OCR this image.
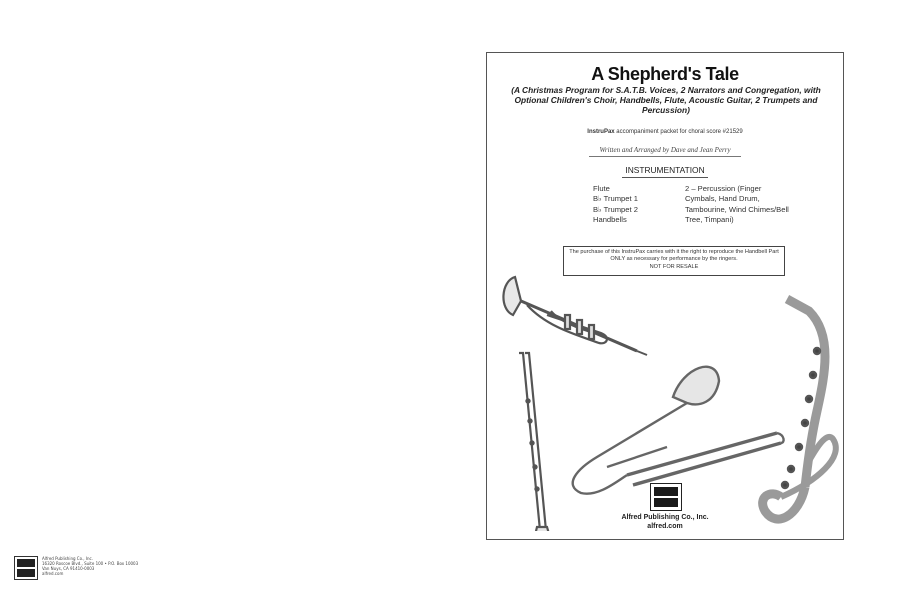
Alfred Publishing Co., Inc.
16320 Roscoe Blvd., Suite 100 • P.O. Box 10003
Van Nuys, CA 91410-0003
alfred.com
A Shepherd's Tale
(A Christmas Program for S.A.T.B. Voices, 2 Narrators and Congregation, with Optional Children's Choir, Handbells, Flute, Acoustic Guitar, 2 Trumpets and Percussion)
InstruPax accompaniment packet for choral score #21529
Written and Arranged by Dave and Jean Perry
INSTRUMENTATION
Flute
B♭ Trumpet 1
B♭ Trumpet 2
Handbells
2 – Percussion (Finger Cymbals, Hand Drum, Tambourine, Wind Chimes/Bell Tree, Timpani)
The purchase of this InstruPax carries with it the right to reproduce the Handbell Part ONLY as necessary for performance by the ringers.
NOT FOR RESALE
Alfred Publishing Co., Inc.
alfred.com
